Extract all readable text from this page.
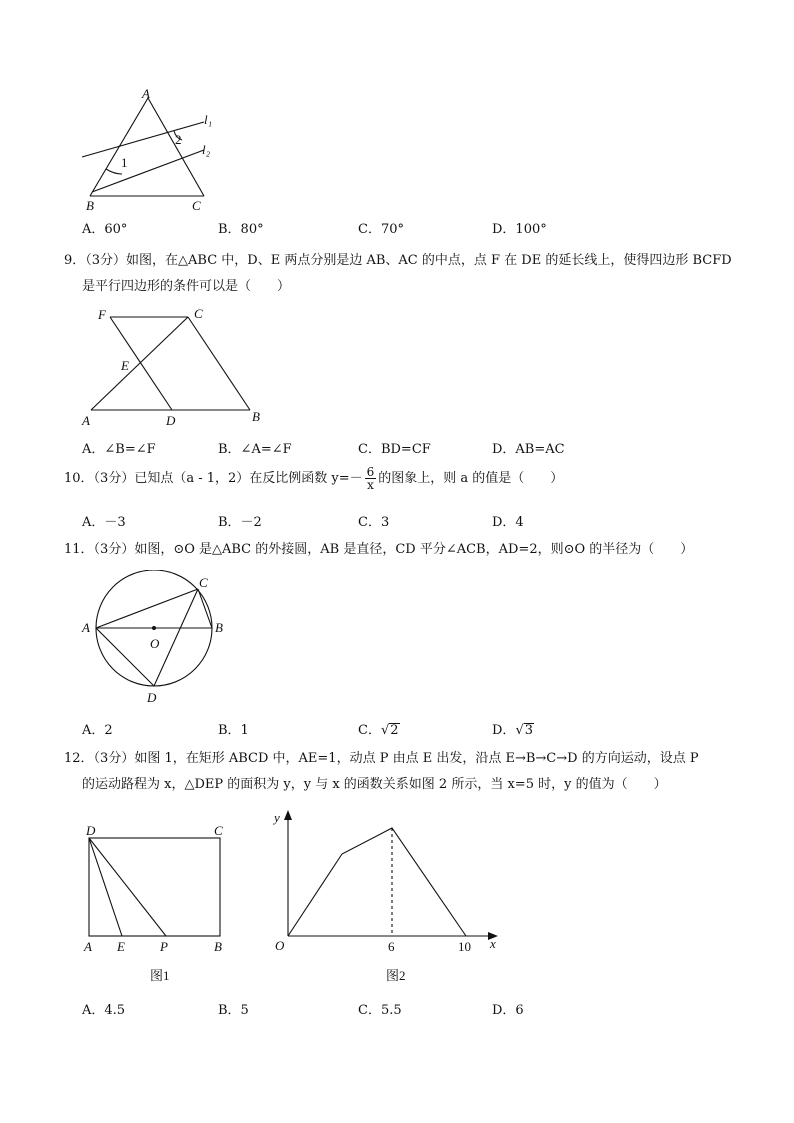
A
B	C
l₁
l₂
1
2
A．60°	B．80°	C．70°	D．100°
9．（3分）如图，在△ABC 中，D、E 两点分别是边 AB、AC 的中点，点 F 在 DE 的延长线上，使得四边形 BCFD
是平行四边形的条件可以是（　　）
F	C
E
A	D	B
A．∠B=∠F	B．∠A=∠F	C．BD=CF	D．AB=AC
10．（3分）已知点（a - 1，2）在反比例函数 $y=- \frac{6}{x}$ 的图象上，则 a 的值是（　　）
A．－3	B．－2	C．3	D．4
11．（3分）如图，⊙O 是△ABC 的外接圆，AB 是直径，CD 平分∠ACB，AD=2，则⊙O 的半径为（　　）
A	B
C
D
O
A．2	B．1	C．√2	D．√3
12．（3分）如图 1，在矩形 ABCD 中，AE=1，动点 P 由点 E 出发，沿点 E→B→C→D 的方向运动，设点 P
的运动路程为 x，△DEP 的面积为 y，y 与 x 的函数关系如图 2 所示，当 x=5 时，y 的值为（　　）
D	C
A E	P	B
图1
y
x
O	6	10
图2
A．4.5	B．5	C．5.5	D．6
